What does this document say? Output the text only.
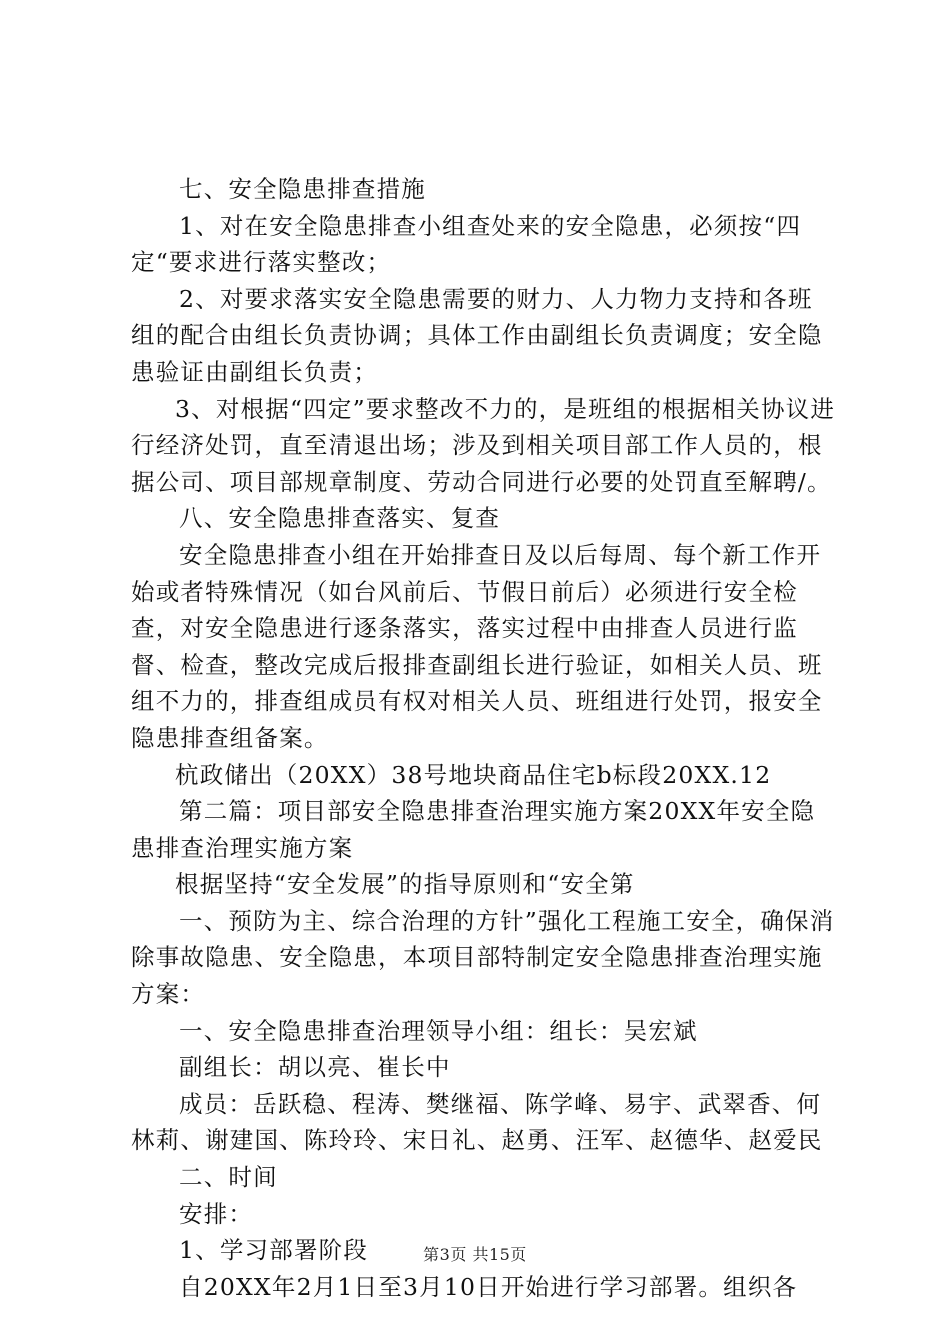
七、安全隐患排查措施

1、对在安全隐患排查小组查处来的安全隐患，必须按“四定“要求进行落实整改；

2、对要求落实安全隐患需要的财力、人力物力支持和各班组的配合由组长负责协调；具体工作由副组长负责调度；安全隐患验证由副组长负责；

3、对根据“四定”要求整改不力的，是班组的根据相关协议进行经济处罚，直至清退出场；涉及到相关项目部工作人员的，根据公司、项目部规章制度、劳动合同进行必要的处罚直至解聘/。

八、安全隐患排查落实、复查

安全隐患排查小组在开始排查日及以后每周、每个新工作开始或者特殊情况（如台风前后、节假日前后）必须进行安全检查，对安全隐患进行逐条落实，落实过程中由排查人员进行监督、检查，整改完成后报排查副组长进行验证，如相关人员、班组不力的，排查组成员有权对相关人员、班组进行处罚，报安全隐患排查组备案。

杭政储出（20XX）38号地块商品住宅b标段20XX.12

第二篇：项目部安全隐患排查治理实施方案20XX年安全隐患排查治理实施方案

根据坚持“安全发展”的指导原则和“安全第

一、预防为主、综合治理的方针”强化工程施工安全，确保消除事故隐患、安全隐患，本项目部特制定安全隐患排查治理实施方案：

一、安全隐患排查治理领导小组：组长：吴宏斌

副组长：胡以亮、崔长中

成员：岳跃稳、程涛、樊继福、陈学峰、易宇、武翠香、何林莉、谢建国、陈玲玲、宋日礼、赵勇、汪军、赵德华、赵爱民

二、时间

安排：

1、学习部署阶段

自20XX年2月1日至3月10日开始进行学习部署。组织各

第3页 共15页
